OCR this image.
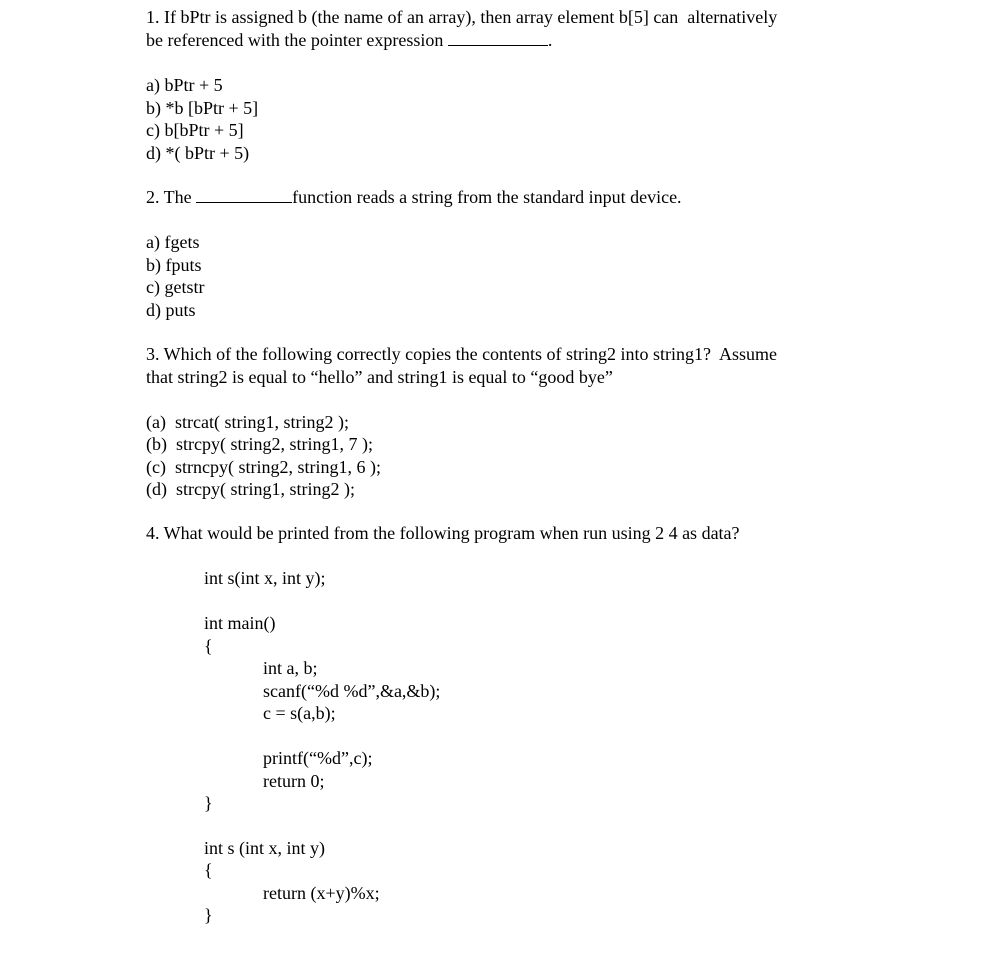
1. If bPtr is assigned b (the name of an array), then array element b[5] can  alternatively
be referenced with the pointer expression	.
a) bPtr + 5
b) *b [bPtr + 5]
c) b[bPtr + 5]
d) *( bPtr + 5)
2. The	function reads a string from the standard input device.
a) fgets
b) fputs
c) getstr
d) puts
3. Which of the following correctly copies the contents of string2 into string1?  Assume
that string2 is equal to “hello” and string1 is equal to “good bye”
(a)  strcat( string1, string2 );
(b)  strcpy( string2, string1, 7 );
(c)  strncpy( string2, string1, 6 );
(d)  strcpy( string1, string2 );
4. What would be printed from the following program when run using 2 4 as data?
int s(int x, int y);
int main()
{
int a, b;
scanf(“%d %d”,&a,&b);
c = s(a,b);
printf(“%d”,c);
return 0;
}
int s (int x, int y)
{
return (x+y)%x;
}
